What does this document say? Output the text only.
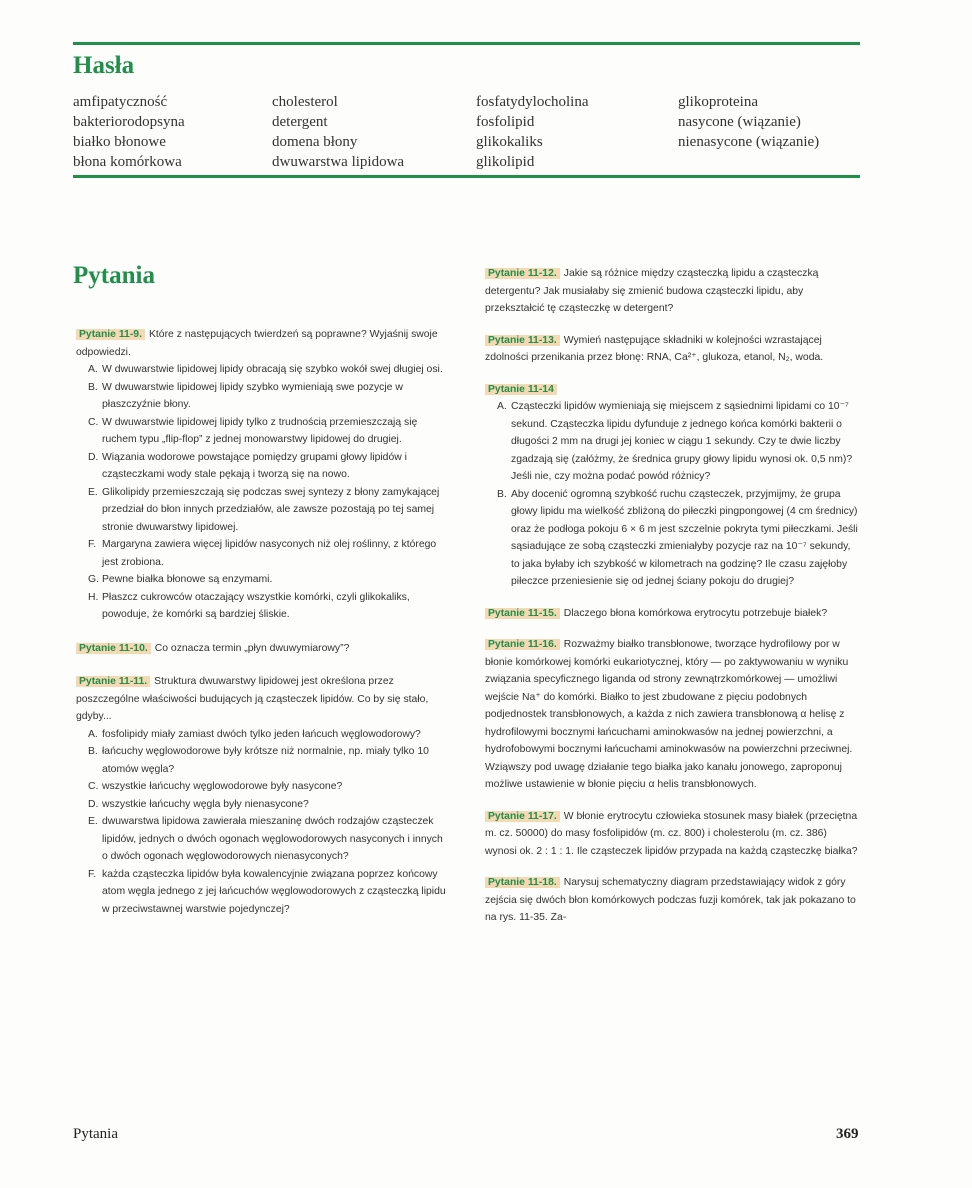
Hasła
amfipatyczność
bakteriorodopsyna
białko błonowe
błona komórkowa
cholesterol
detergent
domena błony
dwuwarstwa lipidowa
fosfatydylocholina
fosfolipid
glikokaliks
glikolipid
glikoproteina
nasycone (wiązanie)
nienasycone (wiązanie)
Pytania
Pytanie 11-9. Które z następujących twierdzeń są poprawne? Wyjaśnij swoje odpowiedzi.
A. W dwuwarstwie lipidowej lipidy obracają się szybko wokół swej długiej osi.
B. W dwuwarstwie lipidowej lipidy szybko wymieniają swe pozycje w płaszczyźnie błony.
C. W dwuwarstwie lipidowej lipidy tylko z trudnością przemieszczają się ruchem typu „flip-flop” z jednej monowarstwy lipidowej do drugiej.
D. Wiązania wodorowe powstające pomiędzy grupami głowy lipidów i cząsteczkami wody stale pękają i tworzą się na nowo.
E. Glikolipidy przemieszczają się podczas swej syntezy z błony zamykającej przedział do błon innych przedziałów, ale zawsze pozostają po tej samej stronie dwuwarstwy lipidowej.
F. Margaryna zawiera więcej lipidów nasyconych niż olej roślinny, z którego jest zrobiona.
G. Pewne białka błonowe są enzymami.
H. Płaszcz cukrowców otaczający wszystkie komórki, czyli glikokaliks, powoduje, że komórki są bardziej śliskie.
Pytanie 11-10. Co oznacza termin „płyn dwuwymiarowy”?
Pytanie 11-11. Struktura dwuwarstwy lipidowej jest określona przez poszczególne właściwości budujących ją cząsteczek lipidów. Co by się stało, gdyby...
A. fosfolipidy miały zamiast dwóch tylko jeden łańcuch węglowodorowy?
B. łańcuchy węglowodorowe były krótsze niż normalnie, np. miały tylko 10 atomów węgla?
C. wszystkie łańcuchy węglowodorowe były nasycone?
D. wszystkie łańcuchy węgla były nienasycone?
E. dwuwarstwa lipidowa zawierała mieszaninę dwóch rodzajów cząsteczek lipidów, jednych o dwóch ogonach węglowodorowych nasyconych i innych o dwóch ogonach węglowodorowych nienasyconych?
F. każda cząsteczka lipidów była kowalencyjnie związana poprzez końcowy atom węgla jednego z jej łańcuchów węglowodorowych z cząsteczką lipidu w przeciwstawnej warstwie pojedynczej?
Pytanie 11-12. Jakie są różnice między cząsteczką lipidu a cząsteczką detergentu? Jak musiałaby się zmienić budowa cząsteczki lipidu, aby przekształcić tę cząsteczkę w detergent?
Pytanie 11-13. Wymień następujące składniki w kolejności wzrastającej zdolności przenikania przez błonę: RNA, Ca²⁺, glukoza, etanol, N₂, woda.
Pytanie 11-14
A. Cząsteczki lipidów wymieniają się miejscem z sąsiednimi lipidami co 10⁻⁷ sekund. Cząsteczka lipidu dyfunduje z jednego końca komórki bakterii o długości 2 mm na drugi jej koniec w ciągu 1 sekundy. Czy te dwie liczby zgadzają się (załóżmy, że średnica grupy głowy lipidu wynosi ok. 0,5 nm)? Jeśli nie, czy można podać powód różnicy?
B. Aby docenić ogromną szybkość ruchu cząsteczek, przyjmijmy, że grupa głowy lipidu ma wielkość zbliżoną do piłeczki pingpongowej (4 cm średnicy) oraz że podłoga pokoju 6 × 6 m jest szczelnie pokryta tymi piłeczkami. Jeśli sąsiadujące ze sobą cząsteczki zmieniałyby pozycje raz na 10⁻⁷ sekundy, to jaka byłaby ich szybkość w kilometrach na godzinę? Ile czasu zajęłoby piłeczce przeniesienie się od jednej ściany pokoju do drugiej?
Pytanie 11-15. Dlaczego błona komórkowa erytrocytu potrzebuje białek?
Pytanie 11-16. Rozważmy białko transbłonowe, tworzące hydrofilowy por w błonie komórkowej komórki eukariotycznej, który — po zaktywowaniu w wyniku związania specyficznego liganda od strony zewnątrzkomórkowej — umożliwi wejście Na⁺ do komórki. Białko to jest zbudowane z pięciu podobnych podjednostek transbłonowych, a każda z nich zawiera transbłonową α helisę z hydrofilowymi bocznymi łańcuchami aminokwasów na jednej powierzchni, a hydrofobowymi bocznymi łańcuchami aminokwasów na powierzchni przeciwnej. Wziąwszy pod uwagę działanie tego białka jako kanału jonowego, zaproponuj możliwe ustawienie w błonie pięciu α helis transbłonowych.
Pytanie 11-17. W błonie erytrocytu człowieka stosunek masy białek (przeciętna m. cz. 50000) do masy fosfolipidów (m. cz. 800) i cholesterolu (m. cz. 386) wynosi ok. 2 : 1 : 1. Ile cząsteczek lipidów przypada na każdą cząsteczkę białka?
Pytanie 11-18. Narysuj schematyczny diagram przedstawiający widok z góry zejścia się dwóch błon komórkowych podczas fuzji komórek, tak jak pokazano to na rys. 11-35. Za-
Pytania	369
